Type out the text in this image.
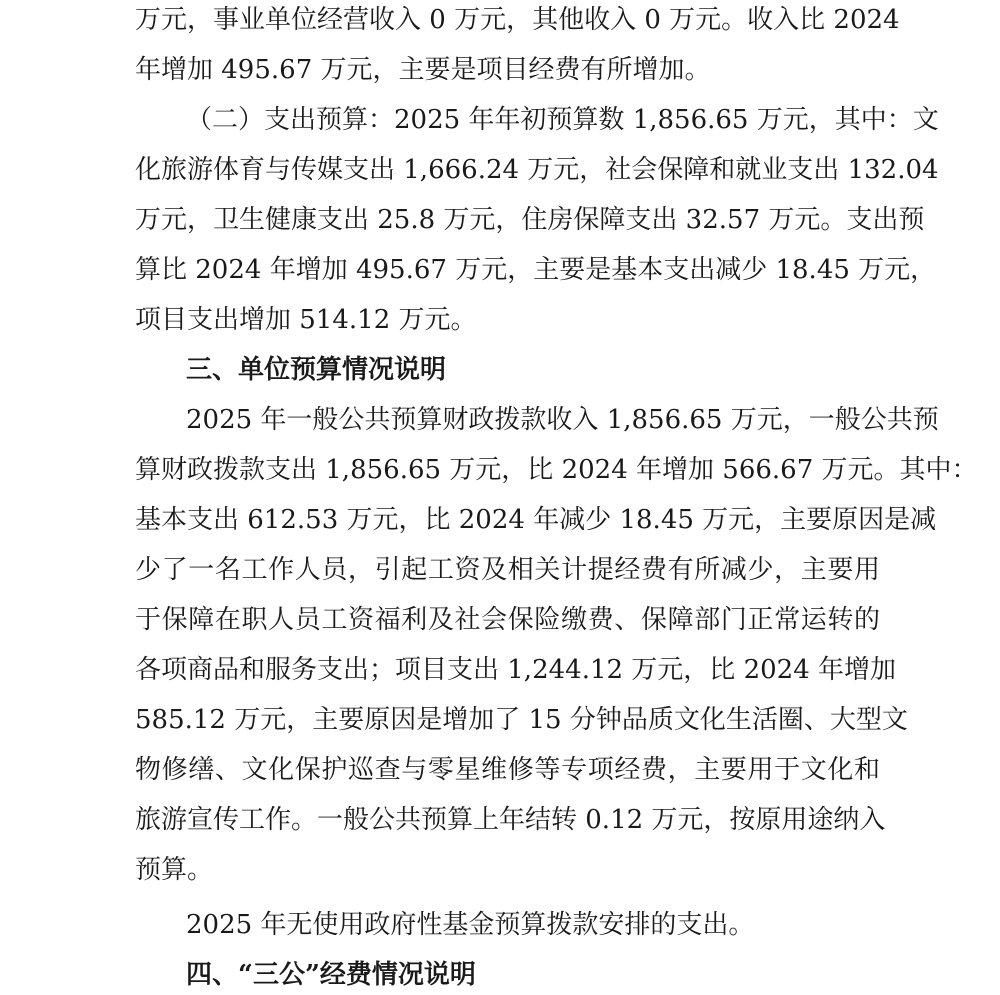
万元，事业单位经营收入 0 万元，其他收入 0 万元。收入比 2024
年增加 495.67 万元，主要是项目经费有所增加。
（二）支出预算：2025 年年初预算数 1,856.65 万元，其中：文
化旅游体育与传媒支出 1,666.24 万元，社会保障和就业支出 132.04
万元，卫生健康支出 25.8 万元，住房保障支出 32.57 万元。支出预
算比 2024 年增加 495.67 万元，主要是基本支出减少 18.45 万元，
项目支出增加 514.12 万元。
三、单位预算情况说明
2025 年一般公共预算财政拨款收入 1,856.65 万元，一般公共预
算财政拨款支出 1,856.65 万元，比 2024 年增加 566.67 万元。其中：
基本支出 612.53 万元，比 2024 年减少 18.45 万元，主要原因是减
少了一名工作人员，引起工资及相关计提经费有所减少，主要用
于保障在职人员工资福利及社会保险缴费、保障部门正常运转的
各项商品和服务支出；项目支出 1,244.12 万元，比 2024 年增加
585.12 万元，主要原因是增加了 15 分钟品质文化生活圈、大型文
物修缮、文化保护巡查与零星维修等专项经费，主要用于文化和
旅游宣传工作。一般公共预算上年结转 0.12 万元，按原用途纳入
预算。
2025 年无使用政府性基金预算拨款安排的支出。
四、“三公”经费情况说明
